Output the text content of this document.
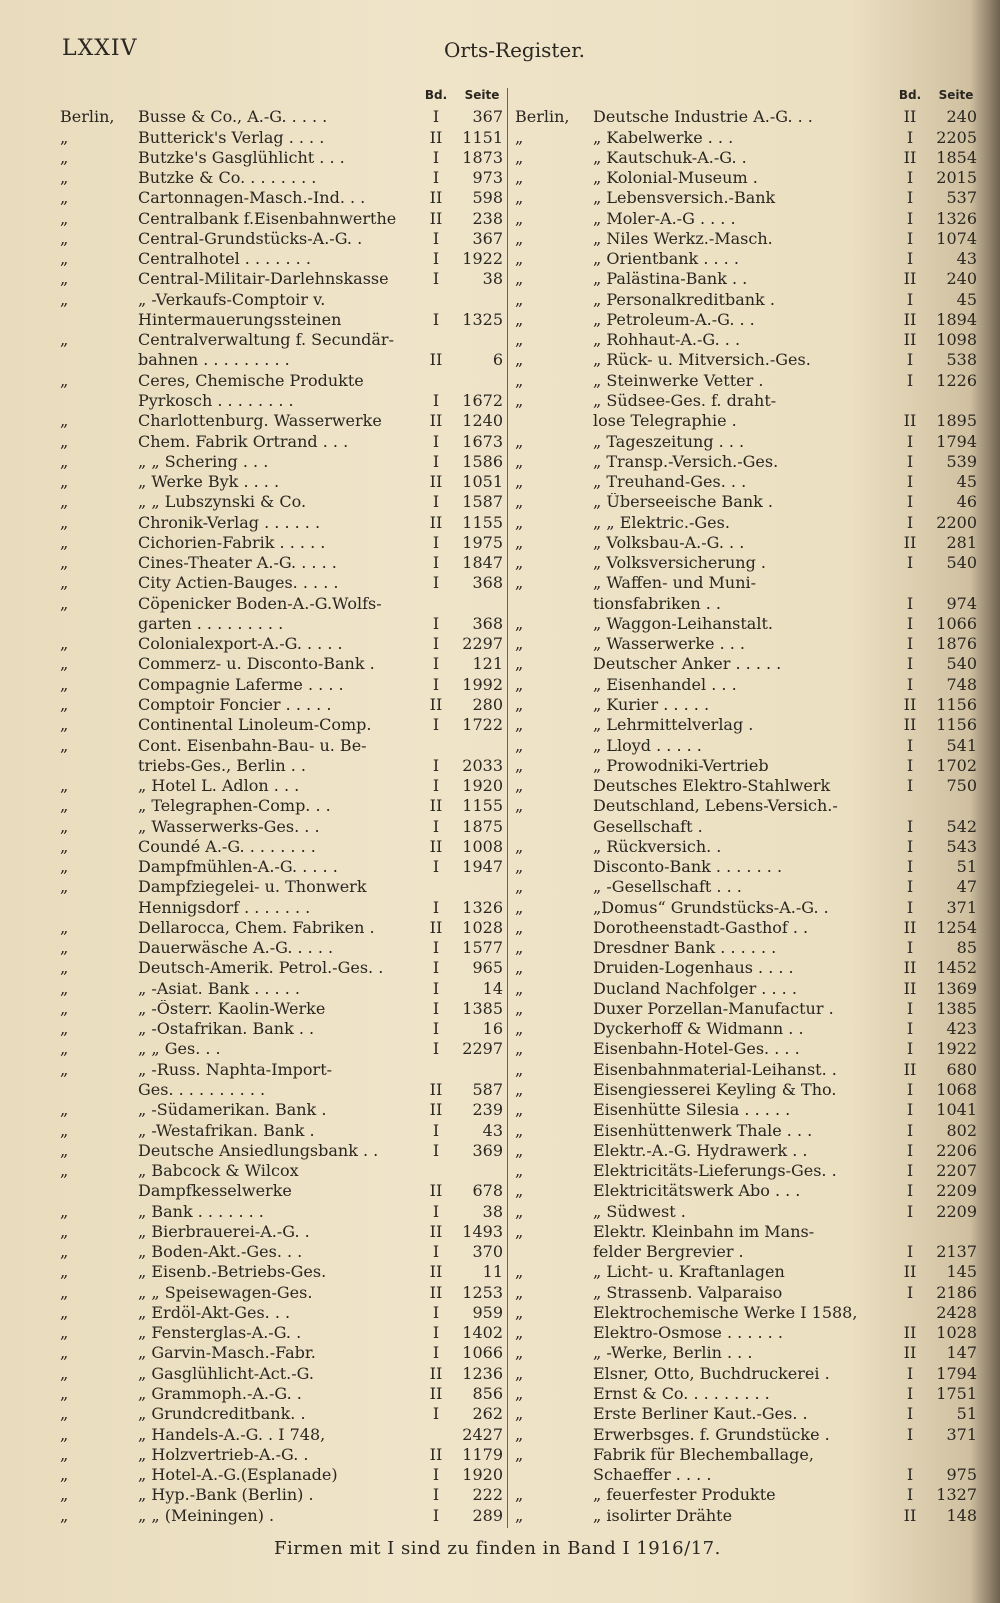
LXXIV	Orts-Register.
Bd.	Seite
Berlin,	Busse & Co., A.-G. . . . .	I	367
„	Butterick's Verlag . . . .	II	1151
„	Butzke's Gasglühlicht . . .	I	1873
„	Butzke & Co. . . . . . . .	I	973
„	Cartonnagen-Masch.-Ind. . .	II	598
„	Centralbank f.Eisenbahnwerthe	II	238
„	Central-Grundstücks-A.-G. .	I	367
„	Centralhotel . . . . . . .	I	1922
„	Central-Militair-Darlehnskasse	I	38
„	„ -Verkaufs-Comptoir v.
Hintermauerungssteinen	I	1325
„	Centralverwaltung f. Secundär-
bahnen . . . . . . . . .	II	6
„	Ceres, Chemische Produkte
Pyrkosch . . . . . . . .	I	1672
„	Charlottenburg. Wasserwerke	II	1240
„	Chem. Fabrik Ortrand . . .	I	1673
„	„ „ Schering . . .	I	1586
„	„ Werke Byk . . . .	II	1051
„	„ „ Lubszynski & Co.	I	1587
„	Chronik-Verlag . . . . . .	II	1155
„	Cichorien-Fabrik . . . . .	I	1975
„	Cines-Theater A.-G. . . . .	I	1847
„	City Actien-Bauges. . . . .	I	368
„	Cöpenicker Boden-A.-G.Wolfs-
garten . . . . . . . . .	I	368
„	Colonialexport-A.-G. . . . .	I	2297
„	Commerz- u. Disconto-Bank .	I	121
„	Compagnie Laferme . . . .	I	1992
„	Comptoir Foncier . . . . .	II	280
„	Continental Linoleum-Comp.	I	1722
„	Cont. Eisenbahn-Bau- u. Be-
triebs-Ges., Berlin . .	I	2033
„	„ Hotel L. Adlon . . .	I	1920
„	„ Telegraphen-Comp. . .	II	1155
„	„ Wasserwerks-Ges. . .	I	1875
„	Coundé A.-G. . . . . . . .	II	1008
„	Dampfmühlen-A.-G. . . . .	I	1947
„	Dampfziegelei- u. Thonwerk
Hennigsdorf . . . . . . .	I	1326
„	Dellarocca, Chem. Fabriken .	II	1028
„	Dauerwäsche A.-G. . . . .	I	1577
„	Deutsch-Amerik. Petrol.-Ges. .	I	965
„	„ -Asiat. Bank . . . . .	I	14
„	„ -Österr. Kaolin-Werke	I	1385
„	„ -Ostafrikan. Bank . .	I	16
„	„ „ Ges. . .	I	2297
„	„ -Russ. Naphta-Import-
Ges. . . . . . . . . .	II	587
„	„ -Südamerikan. Bank .	II	239
„	„ -Westafrikan. Bank .	I	43
„	Deutsche Ansiedlungsbank . .	I	369
„	„ Babcock & Wilcox
Dampfkesselwerke	II	678
„	„ Bank . . . . . . .	I	38
„	„ Bierbrauerei-A.-G. .	II	1493
„	„ Boden-Akt.-Ges. . .	I	370
„	„ Eisenb.-Betriebs-Ges.	II	11
„	„ „ Speisewagen-Ges.	II	1253
„	„ Erdöl-Akt-Ges. . .	I	959
„	„ Fensterglas-A.-G. .	I	1402
„	„ Garvin-Masch.-Fabr.	I	1066
„	„ Gasglühlicht-Act.-G.	II	1236
„	„ Grammoph.-A.-G. .	II	856
„	„ Grundcreditbank. .	I	262
„	„ Handels-A.-G. . I 748,	2427
„	„ Holzvertrieb-A.-G. .	II	1179
„	„ Hotel-A.-G.(Esplanade)	I	1920
„	„ Hyp.-Bank (Berlin) .	I	222
„	„ „ (Meiningen) .	I	289
Bd.	Seite
Berlin,	Deutsche Industrie A.-G. . .	II	240
„	„ Kabelwerke . . .	I	2205
„	„ Kautschuk-A.-G. .	II	1854
„	„ Kolonial-Museum .	I	2015
„	„ Lebensversich.-Bank	I	537
„	„ Moler-A.-G . . . .	I	1326
„	„ Niles Werkz.-Masch.	I	1074
„	„ Orientbank . . . .	I	43
„	„ Palästina-Bank . .	II	240
„	„ Personalkreditbank .	I	45
„	„ Petroleum-A.-G. . .	II	1894
„	„ Rohhaut-A.-G. . .	II	1098
„	„ Rück- u. Mitversich.-Ges.	I	538
„	„ Steinwerke Vetter .	I	1226
„	„ Südsee-Ges. f. draht-
lose Telegraphie .	II	1895
„	„ Tageszeitung . . .	I	1794
„	„ Transp.-Versich.-Ges.	I	539
„	„ Treuhand-Ges. . .	I	45
„	„ Überseeische Bank .	I	46
„	„ „ Elektric.-Ges.	I	2200
„	„ Volksbau-A.-G. . .	II	281
„	„ Volksversicherung .	I	540
„	„ Waffen- und Muni-
tionsfabriken . .	I	974
„	„ Waggon-Leihanstalt.	I	1066
„	„ Wasserwerke . . .	I	1876
„	Deutscher Anker . . . . .	I	540
„	„ Eisenhandel . . .	I	748
„	„ Kurier . . . . .	II	1156
„	„ Lehrmittelverlag .	II	1156
„	„ Lloyd . . . . .	I	541
„	„ Prowodniki-Vertrieb	I	1702
„	Deutsches Elektro-Stahlwerk	I	750
„	Deutschland, Lebens-Versich.-
Gesellschaft .	I	542
„	„ Rückversich. .	I	543
„	Disconto-Bank . . . . . . .	I	51
„	„ -Gesellschaft . . .	I	47
„	„Domus“ Grundstücks-A.-G. .	I	371
„	Dorotheenstadt-Gasthof . .	II	1254
„	Dresdner Bank . . . . . .	I	85
„	Druiden-Logenhaus . . . .	II	1452
„	Ducland Nachfolger . . . .	II	1369
„	Duxer Porzellan-Manufactur .	I	1385
„	Dyckerhoff & Widmann . .	I	423
„	Eisenbahn-Hotel-Ges. . . .	I	1922
„	Eisenbahnmaterial-Leihanst. .	II	680
„	Eisengiesserei Keyling & Tho.	I	1068
„	Eisenhütte Silesia . . . . .	I	1041
„	Eisenhüttenwerk Thale . . .	I	802
„	Elektr.-A.-G. Hydrawerk . .	I	2206
„	Elektricitäts-Lieferungs-Ges. .	I	2207
„	Elektricitätswerk Abo . . .	I	2209
„	„ Südwest .	I	2209
„	Elektr. Kleinbahn im Mans-
felder Bergrevier .	I	2137
„	„ Licht- u. Kraftanlagen	II	145
„	„ Strassenb. Valparaiso	I	2186
„	Elektrochemische Werke I 1588,	2428
„	Elektro-Osmose . . . . . .	II	1028
„	„ -Werke, Berlin . . .	II	147
„	Elsner, Otto, Buchdruckerei .	I	1794
„	Ernst & Co. . . . . . . . .	I	1751
„	Erste Berliner Kaut.-Ges. .	I	51
„	Erwerbsges. f. Grundstücke .	I	371
„	Fabrik für Blechemballage,
Schaeffer . . . .	I	975
„	„ feuerfester Produkte	I	1327
„	„ isolirter Drähte	II	148
Firmen mit I sind zu finden in Band I 1916/17.
